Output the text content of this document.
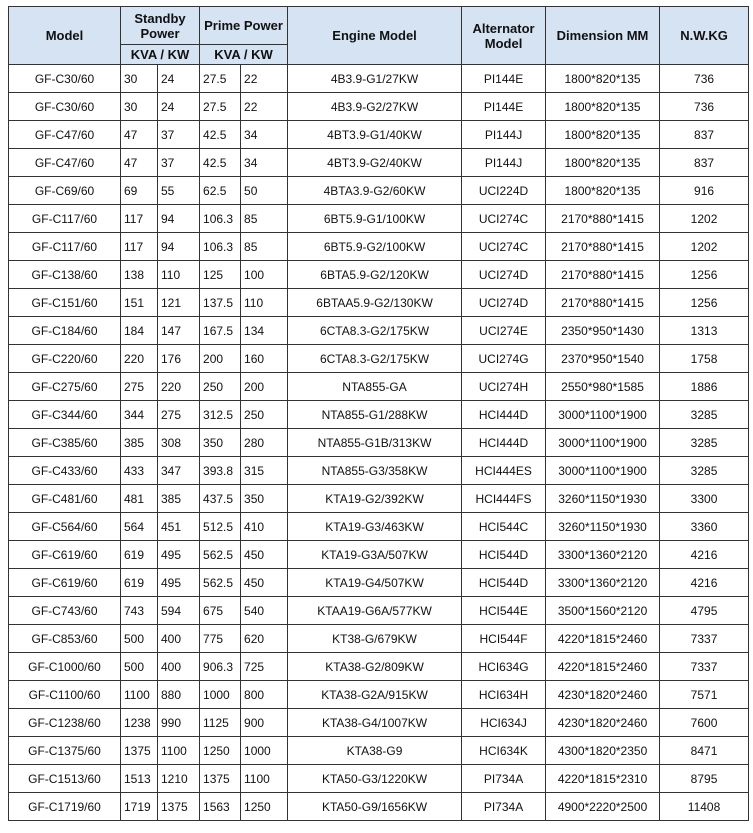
Model	Standby Power		Prime Power		Engine Model	Alternator Model	Dimension MM	N.W.KG
	KVA / KW		KVA / KW					
GF-C30/60	30	24	27.5	22	4B3.9-G1/27KW	PI144E	1800*820*135	736
GF-C30/60	30	24	27.5	22	4B3.9-G2/27KW	PI144E	1800*820*135	736
GF-C47/60	47	37	42.5	34	4BT3.9-G1/40KW	PI144J	1800*820*135	837
GF-C47/60	47	37	42.5	34	4BT3.9-G2/40KW	PI144J	1800*820*135	837
GF-C69/60	69	55	62.5	50	4BTA3.9-G2/60KW	UCI224D	1800*820*135	916
GF-C117/60	117	94	106.3	85	6BT5.9-G1/100KW	UCI274C	2170*880*1415	1202
GF-C117/60	117	94	106.3	85	6BT5.9-G2/100KW	UCI274C	2170*880*1415	1202
GF-C138/60	138	110	125	100	6BTA5.9-G2/120KW	UCI274D	2170*880*1415	1256
GF-C151/60	151	121	137.5	110	6BTAA5.9-G2/130KW	UCI274D	2170*880*1415	1256
GF-C184/60	184	147	167.5	134	6CTA8.3-G2/175KW	UCI274E	2350*950*1430	1313
GF-C220/60	220	176	200	160	6CTA8.3-G2/175KW	UCI274G	2370*950*1540	1758
GF-C275/60	275	220	250	200	NTA855-GA	UCI274H	2550*980*1585	1886
GF-C344/60	344	275	312.5	250	NTA855-G1/288KW	HCI444D	3000*1100*1900	3285
GF-C385/60	385	308	350	280	NTA855-G1B/313KW	HCI444D	3000*1100*1900	3285
GF-C433/60	433	347	393.8	315	NTA855-G3/358KW	HCI444ES	3000*1100*1900	3285
GF-C481/60	481	385	437.5	350	KTA19-G2/392KW	HCI444FS	3260*1150*1930	3300
GF-C564/60	564	451	512.5	410	KTA19-G3/463KW	HCI544C	3260*1150*1930	3360
GF-C619/60	619	495	562.5	450	KTA19-G3A/507KW	HCI544D	3300*1360*2120	4216
GF-C619/60	619	495	562.5	450	KTA19-G4/507KW	HCI544D	3300*1360*2120	4216
GF-C743/60	743	594	675	540	KTAA19-G6A/577KW	HCI544E	3500*1560*2120	4795
GF-C853/60	500	400	775	620	KT38-G/679KW	HCI544F	4220*1815*2460	7337
GF-C1000/60	500	400	906.3	725	KTA38-G2/809KW	HCI634G	4220*1815*2460	7337
GF-C1100/60	1100	880	1000	800	KTA38-G2A/915KW	HCI634H	4230*1820*2460	7571
GF-C1238/60	1238	990	1125	900	KTA38-G4/1007KW	HCI634J	4230*1820*2460	7600
GF-C1375/60	1375	1100	1250	1000	KTA38-G9	HCI634K	4300*1820*2350	8471
GF-C1513/60	1513	1210	1375	1100	KTA50-G3/1220KW	PI734A	4220*1815*2310	8795
GF-C1719/60	1719	1375	1563	1250	KTA50-G9/1656KW	PI734A	4900*2220*2500	11408
